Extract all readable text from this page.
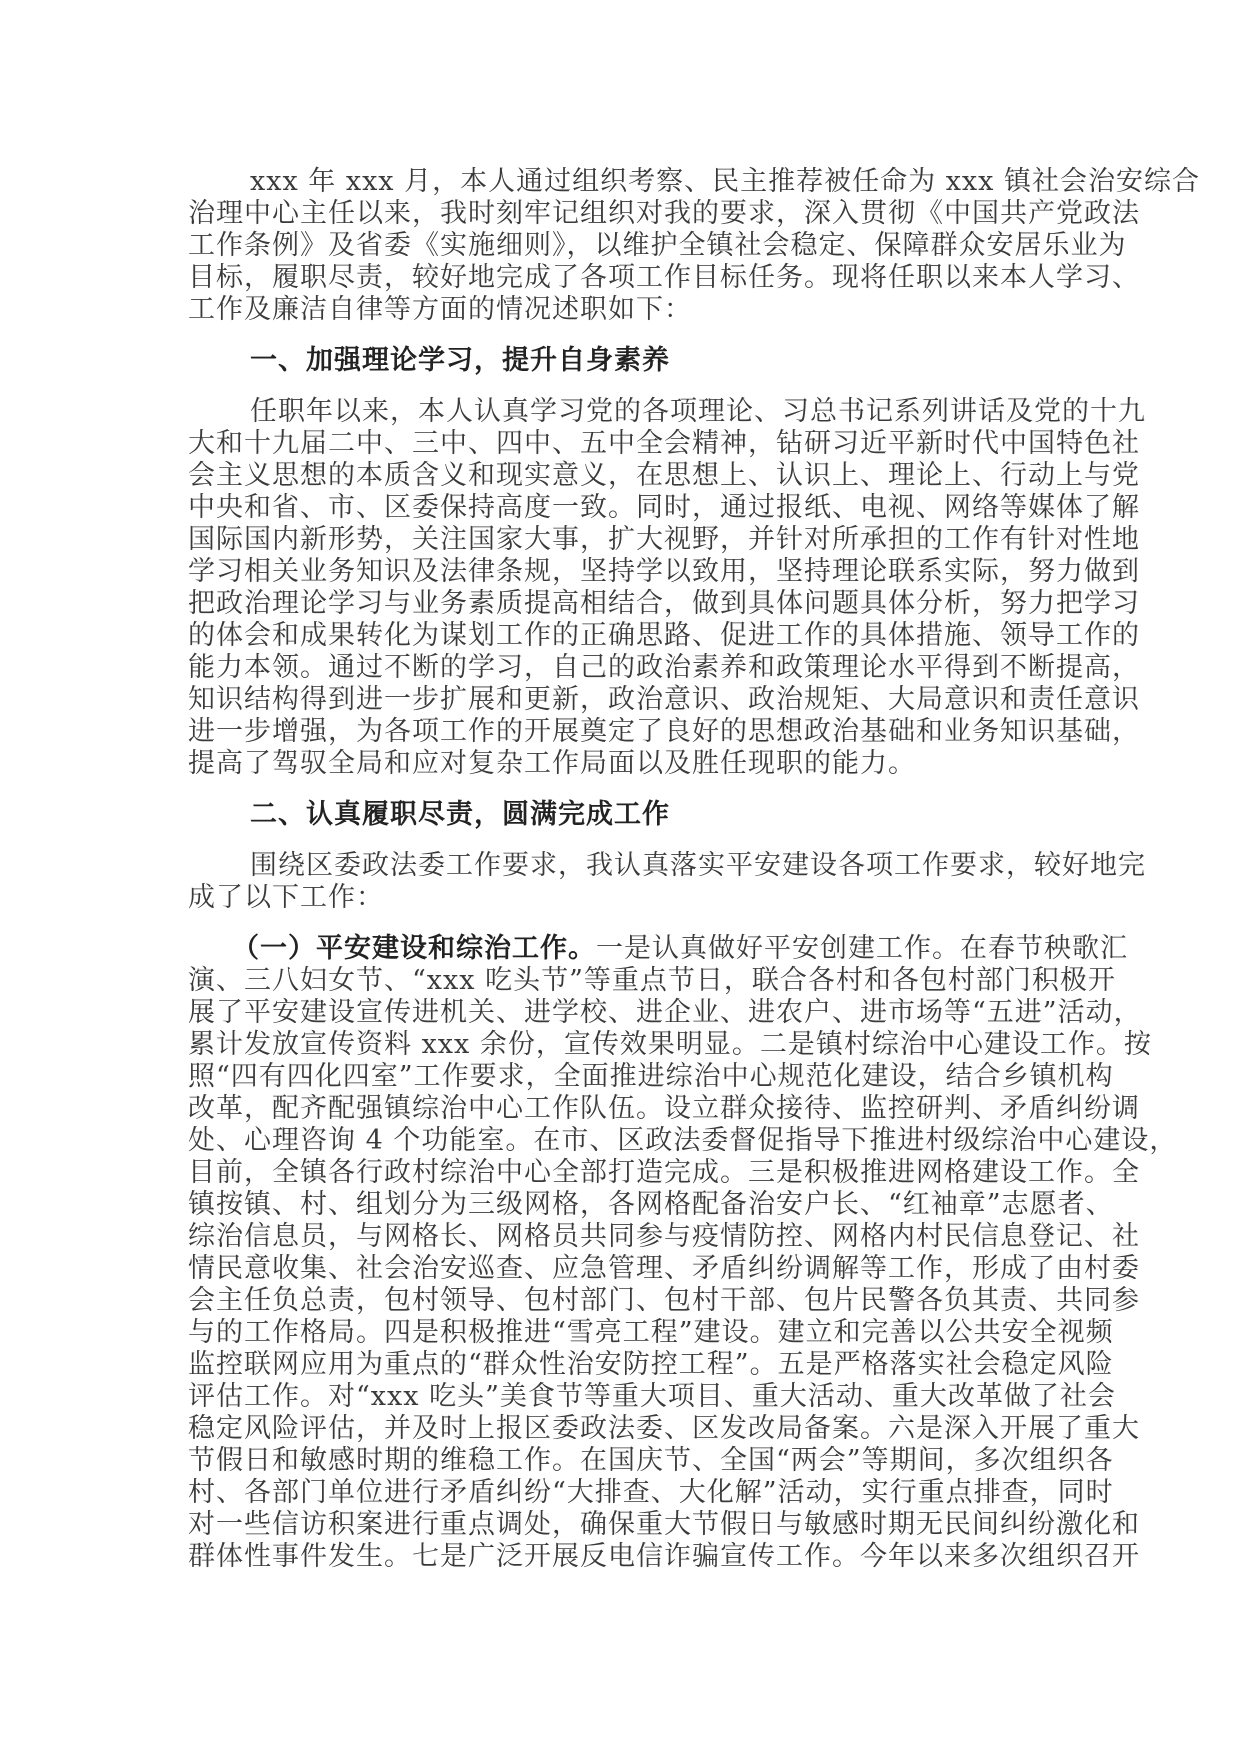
xxx 年 xxx 月，本人通过组织考察、民主推荐被任命为 xxx 镇社会治安综合
治理中心主任以来，我时刻牢记组织对我的要求，深入贯彻《中国共产党政法
工作条例》及省委《实施细则》，以维护全镇社会稳定、保障群众安居乐业为
目标，履职尽责，较好地完成了各项工作目标任务。现将任职以来本人学习、
工作及廉洁自律等方面的情况述职如下：
一、加强理论学习，提升自身素养
任职年以来，本人认真学习党的各项理论、习总书记系列讲话及党的十九
大和十九届二中、三中、四中、五中全会精神，钻研习近平新时代中国特色社
会主义思想的本质含义和现实意义，在思想上、认识上、理论上、行动上与党
中央和省、市、区委保持高度一致。同时，通过报纸、电视、网络等媒体了解
国际国内新形势，关注国家大事，扩大视野，并针对所承担的工作有针对性地
学习相关业务知识及法律条规，坚持学以致用，坚持理论联系实际，努力做到
把政治理论学习与业务素质提高相结合，做到具体问题具体分析，努力把学习
的体会和成果转化为谋划工作的正确思路、促进工作的具体措施、领导工作的
能力本领。通过不断的学习，自己的政治素养和政策理论水平得到不断提高，
知识结构得到进一步扩展和更新，政治意识、政治规矩、大局意识和责任意识
进一步增强，为各项工作的开展奠定了良好的思想政治基础和业务知识基础，
提高了驾驭全局和应对复杂工作局面以及胜任现职的能力。
二、认真履职尽责，圆满完成工作
围绕区委政法委工作要求，我认真落实平安建设各项工作要求，较好地完
成了以下工作：
（一）平安建设和综治工作。一是认真做好平安创建工作。在春节秧歌汇
演、三八妇女节、“xxx 吃头节”等重点节日，联合各村和各包村部门积极开
展了平安建设宣传进机关、进学校、进企业、进农户、进市场等“五进”活动，
累计发放宣传资料 xxx 余份，宣传效果明显。二是镇村综治中心建设工作。按
照“四有四化四室”工作要求，全面推进综治中心规范化建设，结合乡镇机构
改革，配齐配强镇综治中心工作队伍。设立群众接待、监控研判、矛盾纠纷调
处、心理咨询 4 个功能室。在市、区政法委督促指导下推进村级综治中心建设，
目前，全镇各行政村综治中心全部打造完成。三是积极推进网格建设工作。全
镇按镇、村、组划分为三级网格，各网格配备治安户长、“红袖章”志愿者、
综治信息员，与网格长、网格员共同参与疫情防控、网格内村民信息登记、社
情民意收集、社会治安巡查、应急管理、矛盾纠纷调解等工作，形成了由村委
会主任负总责，包村领导、包村部门、包村干部、包片民警各负其责、共同参
与的工作格局。四是积极推进“雪亮工程”建设。建立和完善以公共安全视频
监控联网应用为重点的“群众性治安防控工程”。五是严格落实社会稳定风险
评估工作。对“xxx 吃头”美食节等重大项目、重大活动、重大改革做了社会
稳定风险评估，并及时上报区委政法委、区发改局备案。六是深入开展了重大
节假日和敏感时期的维稳工作。在国庆节、全国“两会”等期间，多次组织各
村、各部门单位进行矛盾纠纷“大排查、大化解”活动，实行重点排查，同时
对一些信访积案进行重点调处，确保重大节假日与敏感时期无民间纠纷激化和
群体性事件发生。七是广泛开展反电信诈骗宣传工作。今年以来多次组织召开
